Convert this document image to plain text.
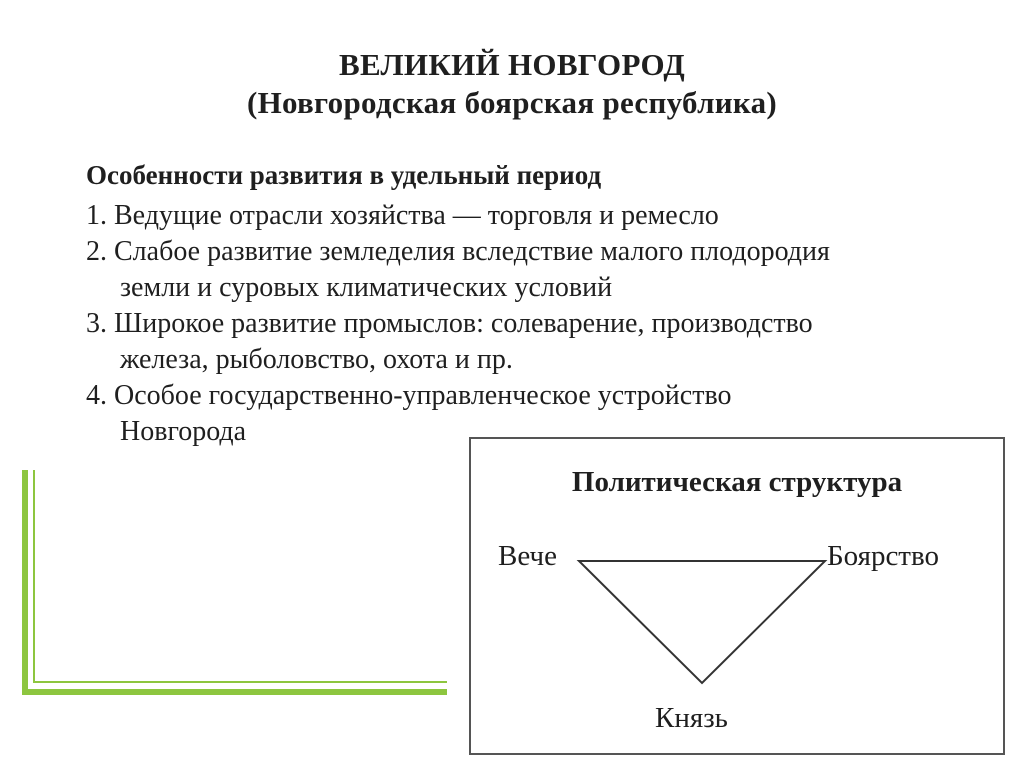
ВЕЛИКИЙ НОВГОРОД
(Новгородская боярская республика)
Особенности развития в удельный период
1. Ведущие отрасли хозяйства — торговля и ремесло
2. Слабое развитие земледелия вследствие малого плодородия
земли и суровых климатических условий
3. Широкое развитие промыслов: солеварение, производство
железа, рыболовство, охота и пр.
4. Особое государственно-управленческое устройство
Новгорода
Политическая структура
Вече	Боярство
Князь
